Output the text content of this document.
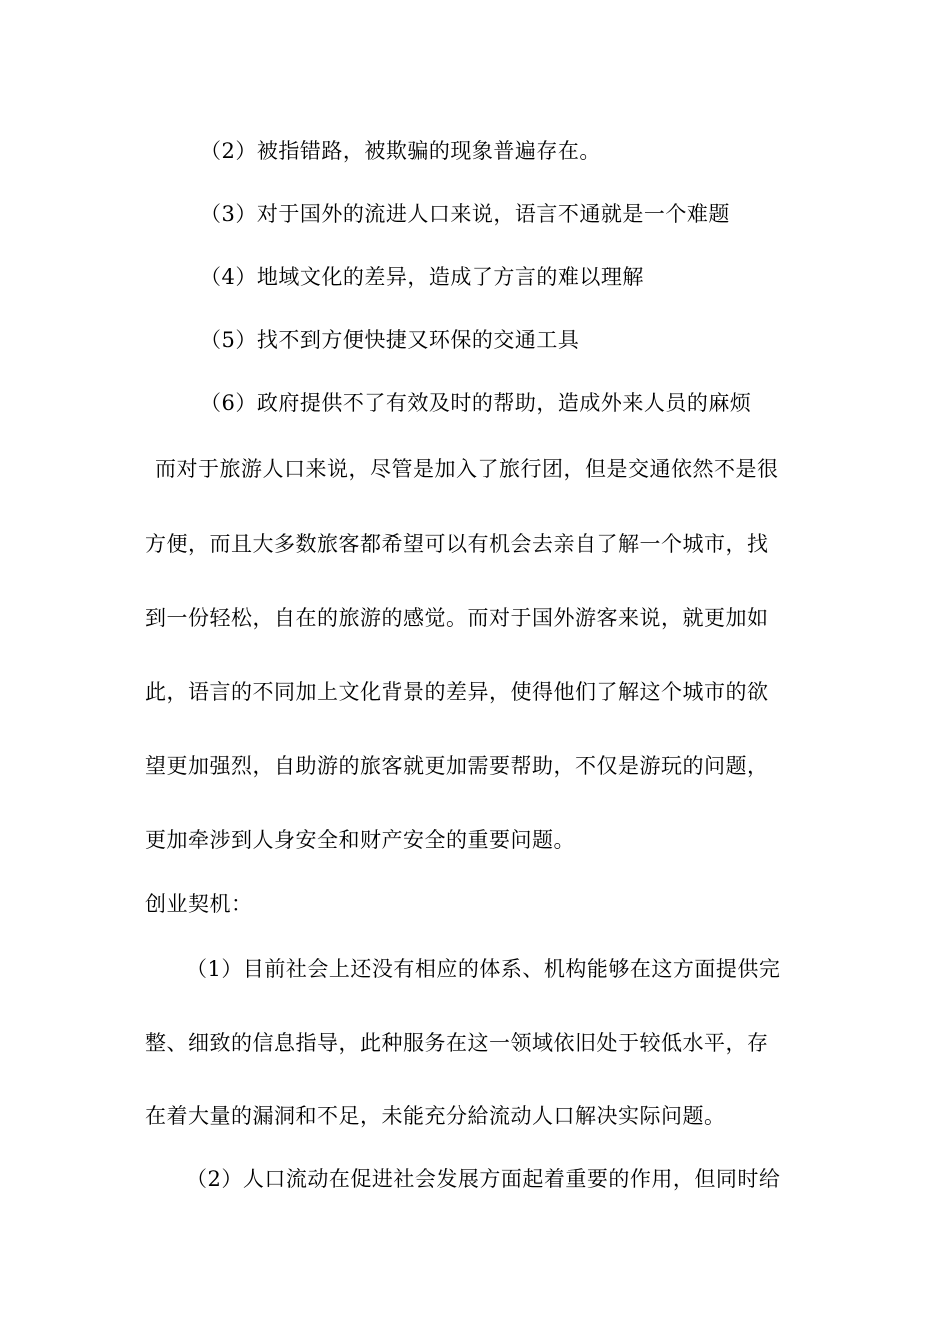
（2）被指错路，被欺骗的现象普遍存在。
（3）对于国外的流进人口来说，语言不通就是一个难题
（4）地域文化的差异，造成了方言的难以理解
（5）找不到方便快捷又环保的交通工具
（6）政府提供不了有效及时的帮助，造成外来人员的麻烦
而对于旅游人口来说，尽管是加入了旅行团，但是交通依然不是很
方便，而且大多数旅客都希望可以有机会去亲自了解一个城市，找
到一份轻松，自在的旅游的感觉。而对于国外游客来说，就更加如
此，语言的不同加上文化背景的差异，使得他们了解这个城市的欲
望更加强烈，自助游的旅客就更加需要帮助，不仅是游玩的问题，
更加牵涉到人身安全和财产安全的重要问题。
创业契机：
（1）目前社会上还没有相应的体系、机构能够在这方面提供完
整、细致的信息指导，此种服务在这一领域依旧处于较低水平，存
在着大量的漏洞和不足，未能充分給流动人口解决实际问题。
（2）人口流动在促进社会发展方面起着重要的作用，但同时给
